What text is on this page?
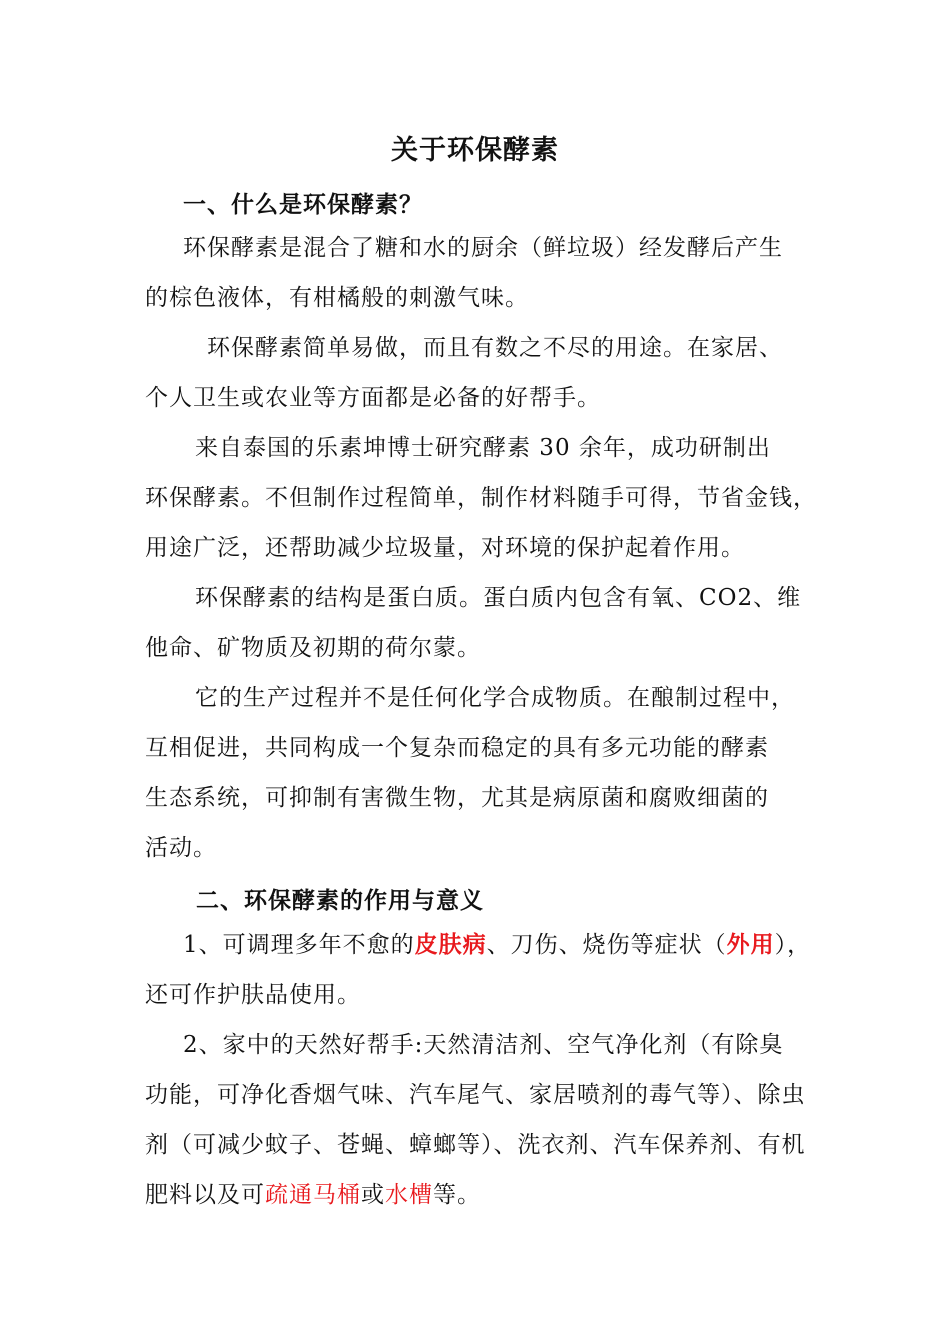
关于环保酵素
一、什么是环保酵素？
环保酵素是混合了糖和水的厨余（鲜垃圾）经发酵后产生
的棕色液体，有柑橘般的刺激气味。
环保酵素简单易做，而且有数之不尽的用途。在家居、
个人卫生或农业等方面都是必备的好帮手。
来自泰国的乐素坤博士研究酵素 30 余年，成功研制出
环保酵素。不但制作过程简单，制作材料随手可得，节省金钱，
用途广泛，还帮助减少垃圾量，对环境的保护起着作用。
环保酵素的结构是蛋白质。蛋白质内包含有氧、CO2、维
他命、矿物质及初期的荷尔蒙。
它的生产过程并不是任何化学合成物质。在酿制过程中，
互相促进，共同构成一个复杂而稳定的具有多元功能的酵素
生态系统，可抑制有害微生物，尤其是病原菌和腐败细菌的
活动。
二、环保酵素的作用与意义
1、可调理多年不愈的皮肤病、刀伤、烧伤等症状（外用），
还可作护肤品使用。
2、家中的天然好帮手:天然清洁剂、空气净化剂（有除臭
功能，可净化香烟气味、汽车尾气、家居喷剂的毒气等）、除虫
剂（可减少蚊子、苍蝇、蟑螂等）、洗衣剂、汽车保养剂、有机
肥料以及可疏通马桶或水槽等。
